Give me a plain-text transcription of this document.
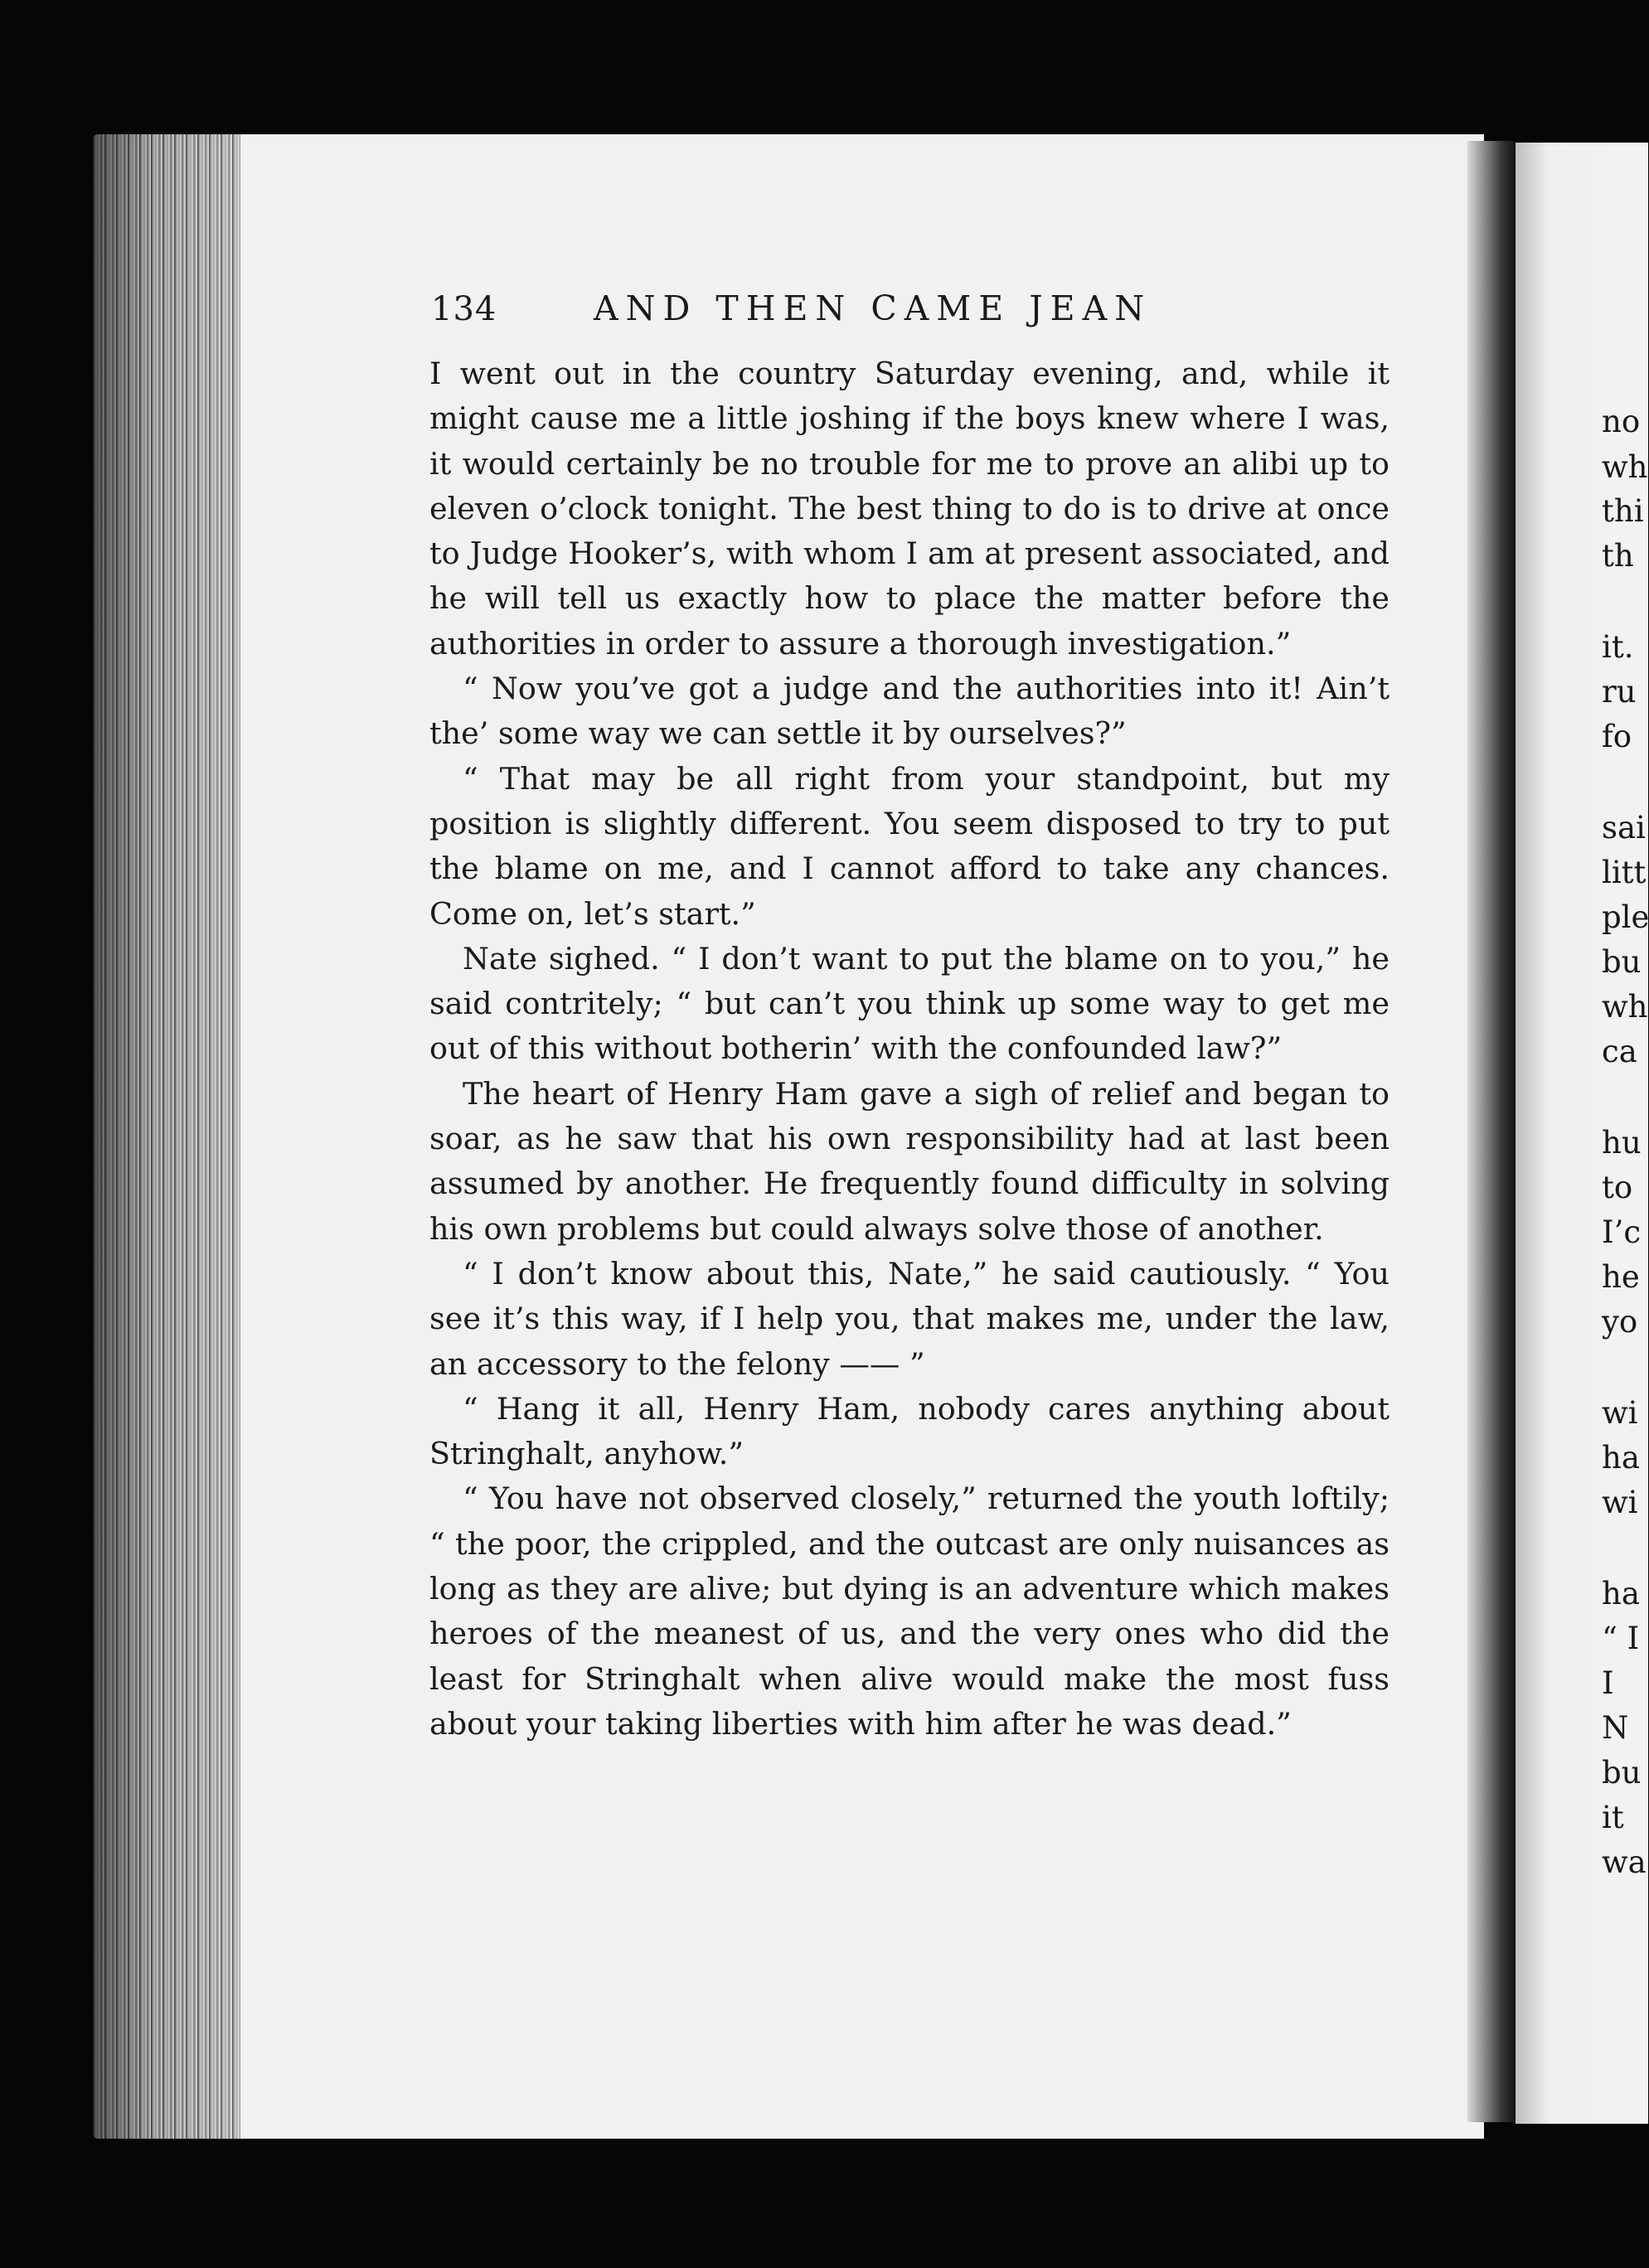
134	AND THEN CAME JEAN

I went out in the country Saturday evening, and, while it might cause me a little joshing if the boys knew where I was, it would certainly be no trouble for me to prove an alibi up to eleven o’clock tonight. The best thing to do is to drive at once to Judge Hooker’s, with whom I am at present associated, and he will tell us exactly how to place the matter before the authorities in order to assure a thorough investigation.”

“ Now you’ve got a judge and the authorities into it! Ain’t the’ some way we can settle it by ourselves?”

“ That may be all right from your standpoint, but my position is slightly different. You seem disposed to try to put the blame on me, and I cannot afford to take any chances. Come on, let’s start.”

Nate sighed. “ I don’t want to put the blame on to you,” he said contritely; “ but can’t you think up some way to get me out of this without botherin’ with the confounded law?”

The heart of Henry Ham gave a sigh of relief and began to soar, as he saw that his own responsibility had at last been assumed by another. He frequently found difficulty in solving his own problems but could always solve those of another.

“ I don’t know about this, Nate,” he said cautiously. “ You see it’s this way, if I help you, that makes me, under the law, an accessory to the felony —— ”

“ Hang it all, Henry Ham, nobody cares anything about Stringhalt, anyhow.”

“ You have not observed closely,” returned the youth loftily; “ the poor, the crippled, and the outcast are only nuisances as long as they are alive; but dying is an adventure which makes heroes of the meanest of us, and the very ones who did the least for Stringhalt when alive would make the most fuss about your taking liberties with him after he was dead.”

no
wh
thi
th
it.
ru
fo
sai
litt
ple
bu
wh
ca
hu
to
I’c
he
yo
wi
ha
wi
ha
“ I
I
N
bu
it
wa
